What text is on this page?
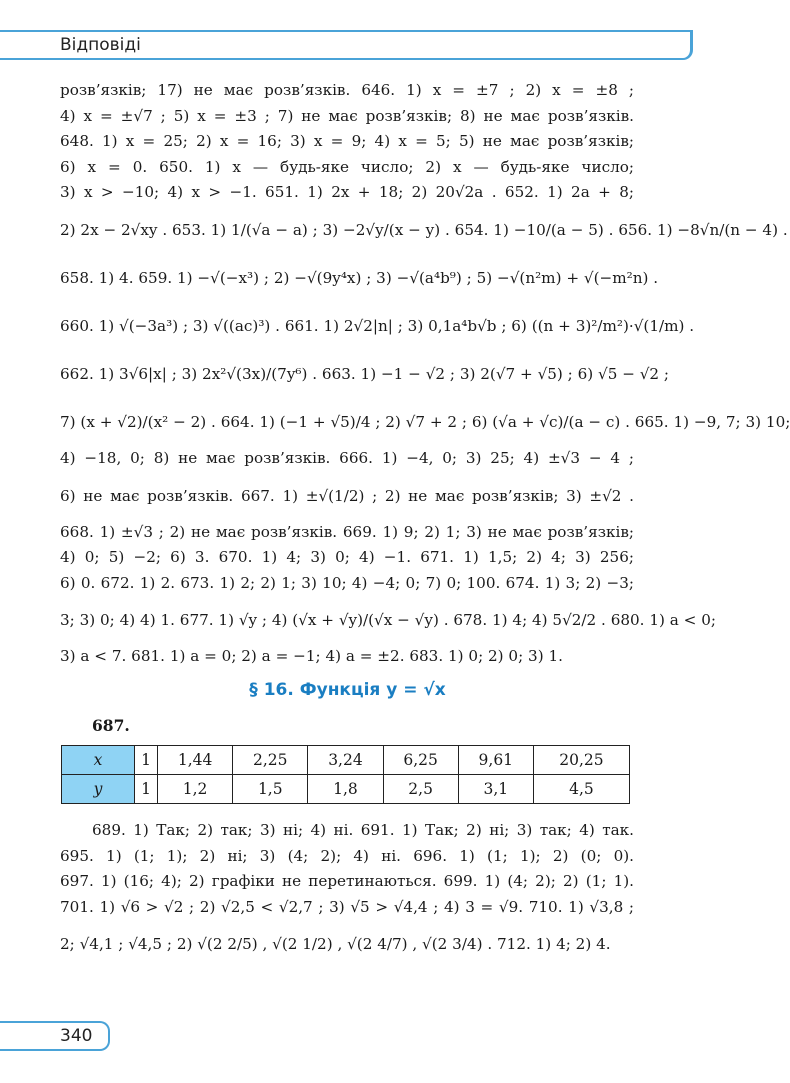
Відповіді
розв’язків; 17) не має розв’язків. 646. 1) x = ±7 ; 2) x = ±8 ;
4) x = ±√7 ; 5) x = ±3 ; 7) не має розв’язків; 8) не має розв’язків.
648. 1) x = 25; 2) x = 16; 3) x = 9; 4) x = 5; 5) не має розв’язків;
6) x = 0. 650. 1) x — будь-яке число; 2) x — будь-яке число;
3) x > −10; 4) x > −1. 651. 1) 2x + 18; 2) 20√2a . 652. 1) 2a + 8;
2) 2x − 2√xy . 653. 1) 1/(√a − a) ; 3) −2√y/(x − y) . 654. 1) −10/(a − 5) . 656. 1) −8√n/(n − 4) .
658. 1) 4. 659. 1) −√(−x³) ; 2) −√(9y⁴x) ; 3) −√(a⁴b⁹) ; 5) −√(n²m) + √(−m²n) .
660. 1) √(−3a³) ; 3) √((ac)³) . 661. 1) 2√2|n| ; 3) 0,1a⁴b√b ; 6) ((n + 3)²/m²)·√(1/m) .
662. 1) 3√6|x| ; 3) 2x²√(3x)/(7y⁶) . 663. 1) −1 − √2 ; 3) 2(√7 + √5) ; 6) √5 − √2 ;
7) (x + √2)/(x² − 2) . 664. 1) (−1 + √5)/4 ; 2) √7 + 2 ; 6) (√a + √c)/(a − c) . 665. 1) −9, 7; 3) 10;
4) −18, 0; 8) не має розв’язків. 666. 1) −4, 0; 3) 25; 4) ±√3 − 4 ;
6) не має розв’язків. 667. 1) ±√(1/2) ; 2) не має розв’язків; 3) ±√2 .
668. 1) ±√3 ; 2) не має розв’язків. 669. 1) 9; 2) 1; 3) не має розв’язків;
4) 0; 5) −2; 6) 3. 670. 1) 4; 3) 0; 4) −1. 671. 1) 1,5; 2) 4; 3) 256;
6) 0. 672. 1) 2. 673. 1) 2; 2) 1; 3) 10; 4) −4; 0; 7) 0; 100. 674. 1) 3; 2) −3;
3; 3) 0; 4) 4) 1. 677. 1) √y ; 4) (√x + √y)/(√x − √y) . 678. 1) 4; 4) 5√2/2 . 680. 1) a < 0;
3) a < 7. 681. 1) a = 0; 2) a = −1; 4) a = ±2. 683. 1) 0; 2) 0; 3) 1.
§ 16. Функція y = √x
687.
x	1	1,44	2,25	3,24	6,25	9,61	20,25
y	1	1,2	1,5	1,8	2,5	3,1	4,5
689. 1) Так; 2) так; 3) ні; 4) ні. 691. 1) Так; 2) ні; 3) так; 4) так.
695. 1) (1; 1); 2) ні; 3) (4; 2); 4) ні. 696. 1) (1; 1); 2) (0; 0).
697. 1) (16; 4); 2) графіки не перетинаються. 699. 1) (4; 2); 2) (1; 1).
701. 1) √6 > √2 ; 2) √2,5 < √2,7 ; 3) √5 > √4,4 ; 4) 3 = √9. 710. 1) √3,8 ;
2; √4,1 ; √4,5 ; 2) √(2 2/5) , √(2 1/2) , √(2 4/7) , √(2 3/4) . 712. 1) 4; 2) 4.
340
